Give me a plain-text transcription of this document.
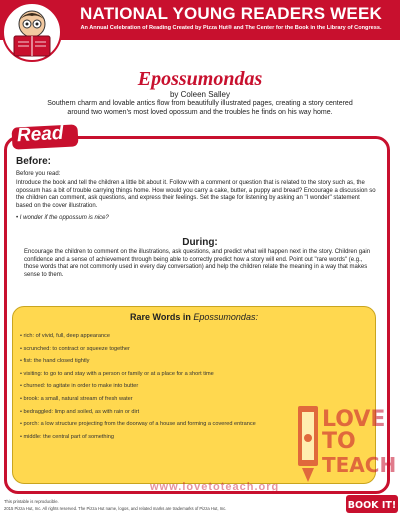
NATIONAL YOUNG READERS WEEK
An Annual Celebration of Reading Created by Pizza Hut® and The Center for the Book in the Library of Congress.
Epossumondas
by Coleen Salley
Southern charm and lovable antics flow from beautifully illustrated pages, creating a story centered around two women's most loved opossum and the troubles he finds on his way home.
Read
Before:
Before you read:
Introduce the book and tell the children a little bit about it. Follow with a comment or question that is related to the story such as, the opossum has a bit of trouble carrying things home. How would you carry a cake, butter, a puppy and bread? Encourage a discussion so the children can comment, ask questions, and express their feelings. Set the stage for listening by asking an "I wonder" statement based on the cover illustration.
• I wonder if the oppossum is nice?
During:
Encourage the children to comment on the illustrations, ask questions, and predict what will happen next in the story. Children gain confidence and a sense of achievement through being able to correctly predict how a story will end. Point out "rare words" (e.g., those words that are not commonly used in every day conversation) and help the children relate the meaning in a way that makes sense to them.
Rare Words in Epossumondas:
• rich: of vivid, full, deep appearance
• scrunched: to contract or squeeze together
• fist: the hand closed tightly
• visiting: to go to and stay with a person or family or at a place for a short time
• churned: to agitate in order to make into butter
• brook: a small, natural stream of fresh water
• bedraggled: limp and soiled, as with rain or dirt
• porch: a low structure projecting from the doorway of a house and forming a covered entrance
• middle: the central part of something
LOVE
TO
TEACH
www.lovetoteach.org
This printable is reproducible.
2015 Pizza Hut, Inc. All rights reserved. The Pizza Hut name, logos, and related marks are trademarks of Pizza Hut, Inc.	BOOK IT!
